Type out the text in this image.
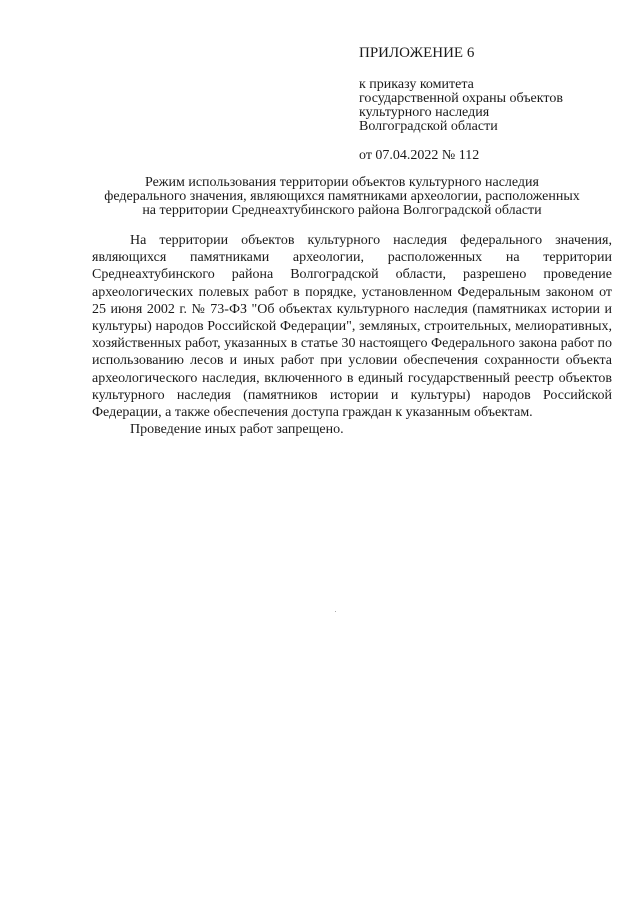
ПРИЛОЖЕНИЕ 6

к приказу комитета
государственной охраны объектов
культурного наследия
Волгоградской области

от 07.04.2022 № 112

Режим использования территории объектов культурного наследия
федерального значения, являющихся памятниками археологии, расположенных
на территории Среднеахтубинского района Волгоградской области

На территории объектов культурного наследия федерального значения, являющихся памятниками археологии, расположенных на территории Среднеахтубинского района Волгоградской области, разрешено проведение археологических полевых работ в порядке, установленном Федеральным законом от 25 июня 2002 г. № 73-ФЗ "Об объектах культурного наследия (памятниках истории и культуры) народов Российской Федерации", земляных, строительных, мелиоративных, хозяйственных работ, указанных в статье 30 настоящего Федерального закона работ по использованию лесов и иных работ при условии обеспечения сохранности объекта археологического наследия, включенного в единый государственный реестр объектов культурного наследия (памятников истории и культуры) народов Российской Федерации, а также обеспечения доступа граждан к указанным объектам.

Проведение иных работ запрещено.
